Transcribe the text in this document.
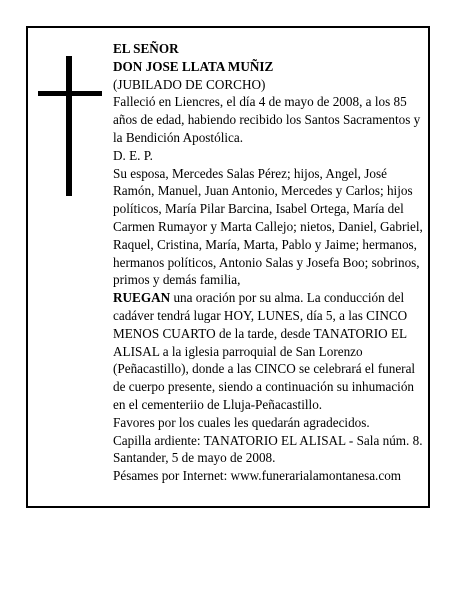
EL SEÑOR

DON JOSE LLATA MUÑIZ

(JUBILADO DE CORCHO)

Falleció en Liencres, el día 4 de mayo de 2008, a los 85 años de edad, habiendo recibido los Santos Sacramentos y la Bendición Apostólica.

D. E. P.

Su esposa, Mercedes Salas Pérez; hijos, Angel, José Ramón, Manuel, Juan Antonio, Mercedes y Carlos; hijos políticos, María Pilar Barcina, Isabel Ortega, María del Carmen Rumayor y Marta Callejo; nietos, Daniel, Gabriel, Raquel, Cristina, María, Marta, Pablo y Jaime; hermanos, hermanos políticos, Antonio Salas y Josefa Boo; sobrinos, primos y demás familia,

RUEGAN una oración por su alma. La conducción del cadáver tendrá lugar HOY, LUNES, día 5, a las CINCO MENOS CUARTO de la tarde, desde TANATORIO EL ALISAL a la iglesia parroquial de San Lorenzo (Peñacastillo), donde a las CINCO se celebrará el funeral de cuerpo presente, siendo a continuación su inhumación en el cementeriio de Lluja-Peñacastillo.

Favores por los cuales les quedarán agradecidos.

Capilla ardiente: TANATORIO EL ALISAL - Sala núm. 8. Santander, 5 de mayo de 2008.

Pésames por Internet: www.funerarialamontanesa.com
